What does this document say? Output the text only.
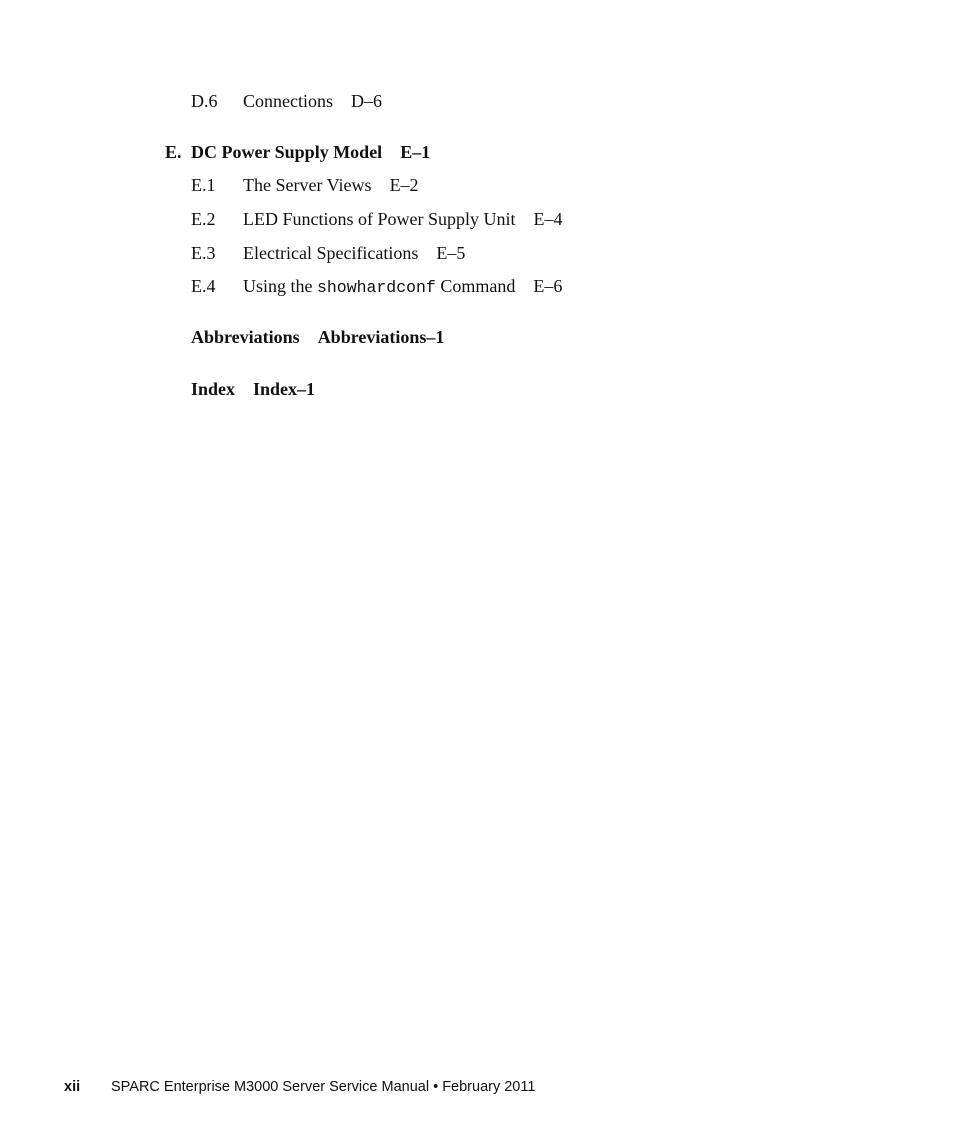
D.6 Connections D–6
E. DC Power Supply Model E–1
E.1 The Server Views E–2
E.2 LED Functions of Power Supply Unit E–4
E.3 Electrical Specifications E–5
E.4 Using the showhardconf Command E–6
Abbreviations Abbreviations–1
Index Index–1
xii SPARC Enterprise M3000 Server Service Manual • February 2011
